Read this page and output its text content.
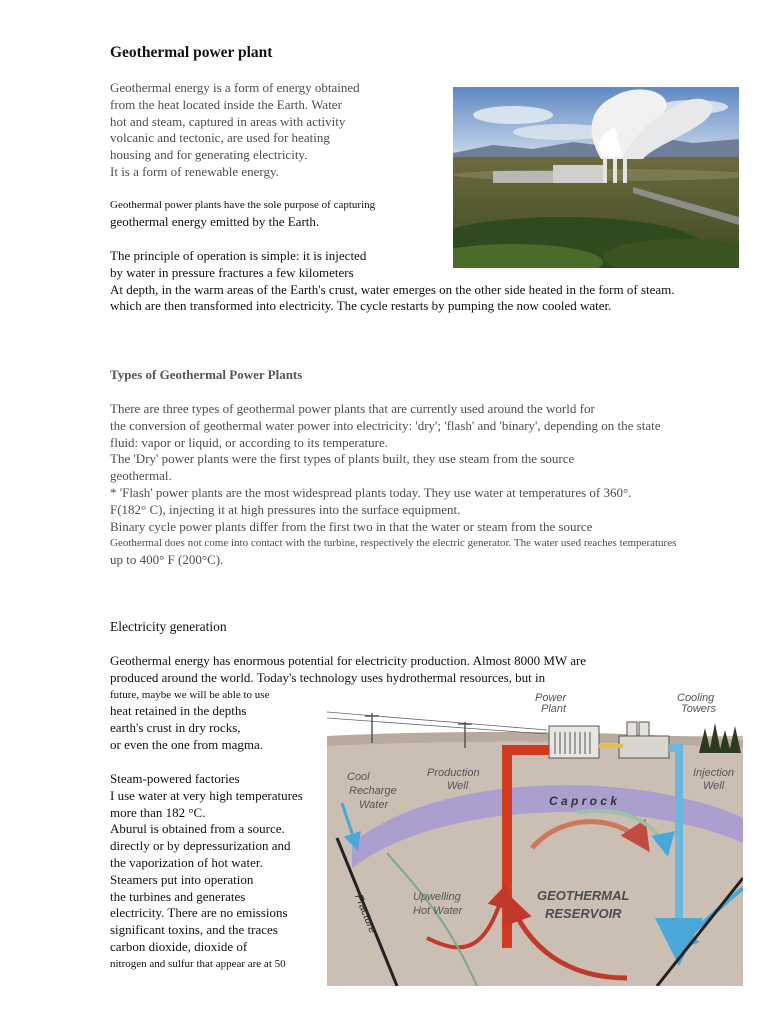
Geothermal power plant
Geothermal energy is a form of energy obtained
from the heat located inside the Earth. Water
hot and steam, captured in areas with activity
volcanic and tectonic, are used for heating
housing and for generating electricity.
It is a form of renewable energy.
Geothermal power plants have the sole purpose of capturing
geothermal energy emitted by the Earth.
The principle of operation is simple: it is injected
by water in pressure fractures a few kilometers
At depth, in the warm areas of the Earth's crust, water emerges on the other side heated in the form of steam.
which are then transformed into electricity. The cycle restarts by pumping the now cooled water.
Types of Geothermal Power Plants
There are three types of geothermal power plants that are currently used around the world for
the conversion of geothermal water power into electricity: 'dry'; 'flash' and 'binary', depending on the state
fluid: vapor or liquid, or according to its temperature.
The 'Dry' power plants were the first types of plants built, they use steam from the source
geothermal.
* 'Flash' power plants are the most widespread plants today. They use water at temperatures of 360°.
F(182° C), injecting it at high pressures into the surface equipment.
Binary cycle power plants differ from the first two in that the water or steam from the source
Geothermal does not come into contact with the turbine, respectively the electric generator. The water used reaches temperatures
up to 400° F (200°C).
Electricity generation
Geothermal energy has enormous potential for electricity production. Almost 8000 MW are
produced around the world. Today's technology uses hydrothermal resources, but in
future, maybe we will be able to use
heat retained in the depths
earth's crust in dry rocks,
or even the one from magma.
Steam-powered factories
I use water at very high temperatures
more than 182 °C.
Aburul is obtained from a source.
directly or by depressurization and
the vaporization of hot water.
Steamers put into operation
the turbines and generates
electricity. There are no emissions
significant toxins, and the traces
carbon dioxide, dioxide of
nitrogen and sulfur that appear are at 50
Power
Plant
Cooling
Towers
Cool
Recharge
Water
Production
Well
Injection
Well
Upwelling
Hot Water
C a p r o c k
GEOTHERMAL
RESERVOIR
Fracture
